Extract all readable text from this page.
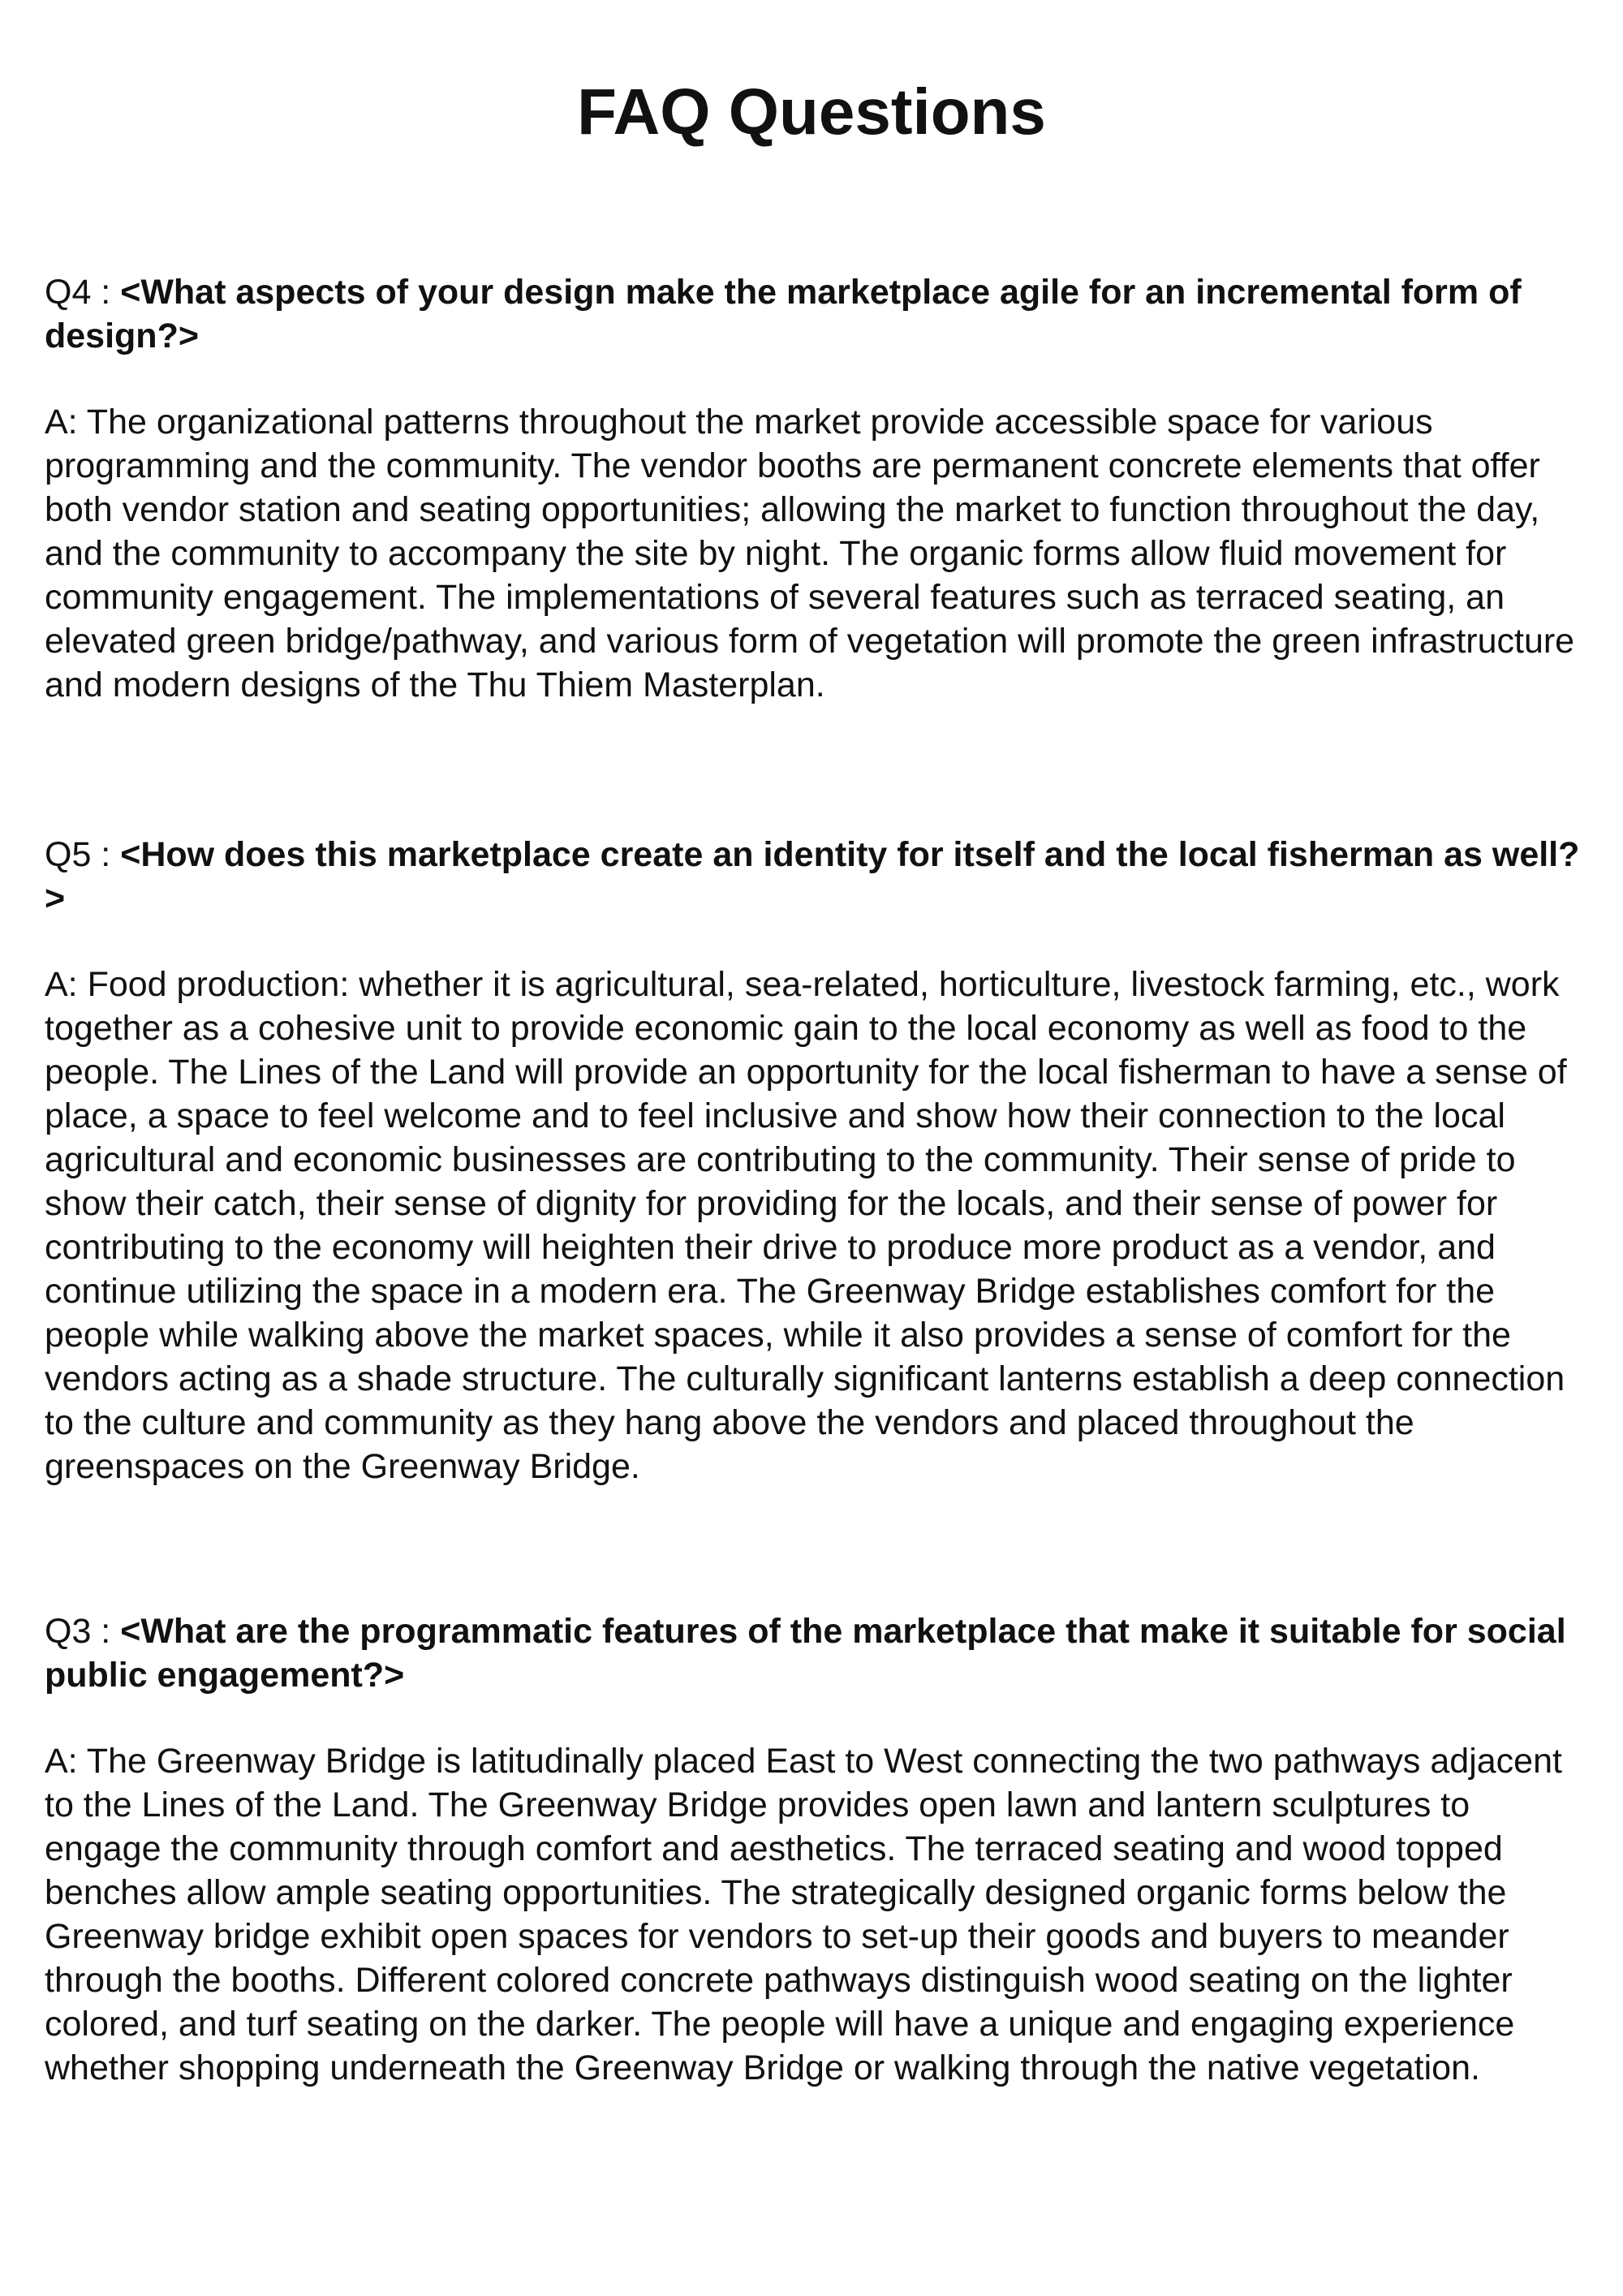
FAQ Questions

Q4 : <What aspects of your design make the marketplace agile for an incremental form of design?>

A: The organizational patterns throughout the market provide accessible space for various programming and the community. The vendor booths are permanent concrete elements that offer both vendor station and seating opportunities; allowing the market to function throughout the day, and the community to accompany the site by night. The organic forms allow fluid movement for community engagement. The implementations of several features such as terraced seating, an elevated green bridge/pathway, and various form of vegetation will promote the green infrastructure and modern designs of the Thu Thiem Masterplan.

Q5 : <How does this marketplace create an identity for itself and the local fisherman as well?>

A: Food production: whether it is agricultural, sea-related, horticulture, livestock farming, etc., work together as a cohesive unit to provide economic gain to the local economy as well as food to the people. The Lines of the Land will provide an opportunity for the local fisherman to have a sense of place, a space to feel welcome and to feel inclusive and show how their connection to the local agricultural and economic businesses are contributing to the community. Their sense of pride to show their catch, their sense of dignity for providing for the locals, and their sense of power for contributing to the economy will heighten their drive to produce more product as a vendor, and continue utilizing the space in a modern era. The Greenway Bridge establishes comfort for the people while walking above the market spaces, while it also provides a sense of comfort for the vendors acting as a shade structure. The culturally significant lanterns establish a deep connection to the culture and community as they hang above the vendors and placed throughout the greenspaces on the Greenway Bridge.

Q3 : <What are the programmatic features of the marketplace that make it suitable for social public engagement?>

A: The Greenway Bridge is latitudinally placed East to West connecting the two pathways adjacent to the Lines of the Land. The Greenway Bridge provides open lawn and lantern sculptures to engage the community through comfort and aesthetics. The terraced seating and wood topped benches allow ample seating opportunities. The strategically designed organic forms below the Greenway bridge exhibit open spaces for vendors to set-up their goods and buyers to meander through the booths. Different colored concrete pathways distinguish wood seating on the lighter colored, and turf seating on the darker. The people will have a unique and engaging experience whether shopping underneath the Greenway Bridge or walking through the native vegetation.
